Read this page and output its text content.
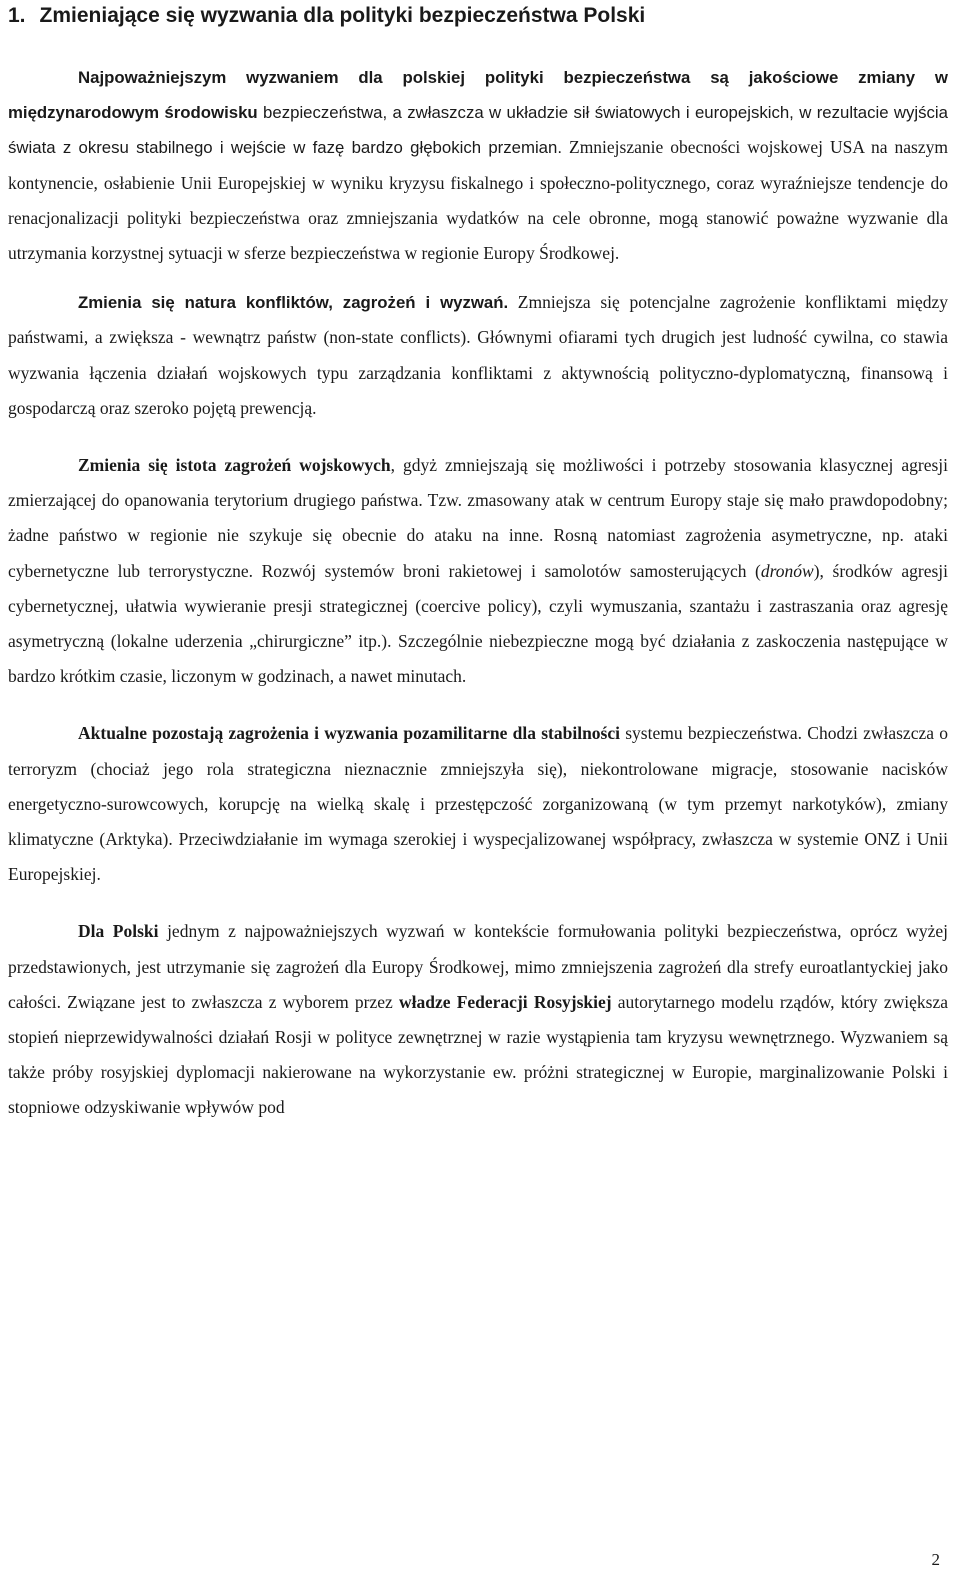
1. Zmieniające się wyzwania dla polityki bezpieczeństwa Polski

Najpoważniejszym wyzwaniem dla polskiej polityki bezpieczeństwa są jakościowe zmiany w międzynarodowym środowisku bezpieczeństwa, a zwłaszcza w układzie sił światowych i europejskich, w rezultacie wyjścia świata z okresu stabilnego i wejście w fazę bardzo głębokich przemian. Zmniejszanie obecności wojskowej USA na naszym kontynencie, osłabienie Unii Europejskiej w wyniku kryzysu fiskalnego i społeczno-politycznego, coraz wyraźniejsze tendencje do renacjonalizacji polityki bezpieczeństwa oraz zmniejszania wydatków na cele obronne, mogą stanowić poważne wyzwanie dla utrzymania korzystnej sytuacji w sferze bezpieczeństwa w regionie Europy Środkowej.

Zmienia się natura konfliktów, zagrożeń i wyzwań. Zmniejsza się potencjalne zagrożenie konfliktami między państwami, a zwiększa - wewnątrz państw (non-state conflicts). Głównymi ofiarami tych drugich jest ludność cywilna, co stawia wyzwania łączenia działań wojskowych typu zarządzania konfliktami z aktywnością polityczno-dyplomatyczną, finansową i gospodarczą oraz szeroko pojętą prewencją.

Zmienia się istota zagrożeń wojskowych, gdyż zmniejszają się możliwości i potrzeby stosowania klasycznej agresji zmierzającej do opanowania terytorium drugiego państwa. Tzw. zmasowany atak w centrum Europy staje się mało prawdopodobny; żadne państwo w regionie nie szykuje się obecnie do ataku na inne. Rosną natomiast zagrożenia asymetryczne, np. ataki cybernetyczne lub terrorystyczne. Rozwój systemów broni rakietowej i samolotów samosterujących (dronów), środków agresji cybernetycznej, ułatwia wywieranie presji strategicznej (coercive policy), czyli wymuszania, szantażu i zastraszania oraz agresję asymetryczną (lokalne uderzenia „chirurgiczne” itp.). Szczególnie niebezpieczne mogą być działania z zaskoczenia następujące w bardzo krótkim czasie, liczonym w godzinach, a nawet minutach.

Aktualne pozostają zagrożenia i wyzwania pozamilitarne dla stabilności systemu bezpieczeństwa. Chodzi zwłaszcza o terroryzm (chociaż jego rola strategiczna nieznacznie zmniejszyła się), niekontrolowane migracje, stosowanie nacisków energetyczno-surowcowych, korupcję na wielką skalę i przestępczość zorganizowaną (w tym przemyt narkotyków), zmiany klimatyczne (Arktyka). Przeciwdziałanie im wymaga szerokiej i wyspecjalizowanej współpracy, zwłaszcza w systemie ONZ i Unii Europejskiej.

Dla Polski jednym z najpoważniejszych wyzwań w kontekście formułowania polityki bezpieczeństwa, oprócz wyżej przedstawionych, jest utrzymanie się zagrożeń dla Europy Środkowej, mimo zmniejszenia zagrożeń dla strefy euroatlantyckiej jako całości. Związane jest to zwłaszcza z wyborem przez władze Federacji Rosyjskiej autorytarnego modelu rządów, który zwiększa stopień nieprzewidywalności działań Rosji w polityce zewnętrznej w razie wystąpienia tam kryzysu wewnętrznego. Wyzwaniem są także próby rosyjskiej dyplomacji nakierowane na wykorzystanie ew. próżni strategicznej w Europie, marginalizowanie Polski i stopniowe odzyskiwanie wpływów pod

2
